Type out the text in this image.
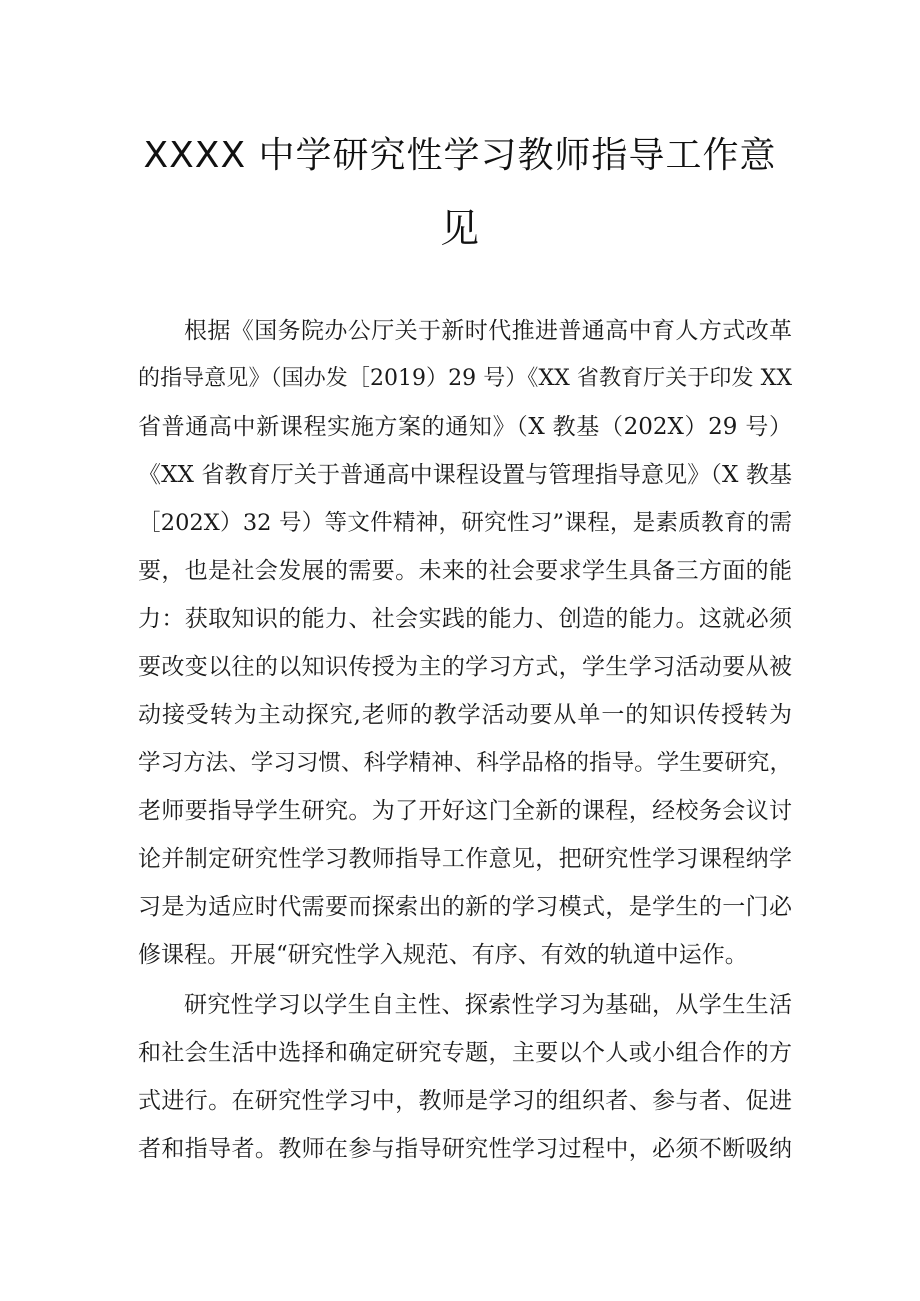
XXXX 中学研究性学习教师指导工作意
见

根据《国务院办公厅关于新时代推进普通高中育人方式改革

的指导意见》（国办发［2019）29 号）《XX 省教育厅关于印发 XX

省普通高中新课程实施方案的通知》（X 教基（202X）29 号）

《XX 省教育厅关于普通高中课程设置与管理指导意见》（X 教基

［202X）32 号）等文件精神，研究性习”课程，是素质教育的需

要，也是社会发展的需要。未来的社会要求学生具备三方面的能

力：获取知识的能力、社会实践的能力、创造的能力。这就必须

要改变以往的以知识传授为主的学习方式，学生学习活动要从被

动接受转为主动探究,老师的教学活动要从单一的知识传授转为

学习方法、学习习惯、科学精神、科学品格的指导。学生要研究，

老师要指导学生研究。为了开好这门全新的课程，经校务会议讨

论并制定研究性学习教师指导工作意见，把研究性学习课程纳学

习是为适应时代需要而探索出的新的学习模式，是学生的一门必

修课程。开展“研究性学入规范、有序、有效的轨道中运作。

研究性学习以学生自主性、探索性学习为基础，从学生生活

和社会生活中选择和确定研究专题，主要以个人或小组合作的方

式进行。在研究性学习中，教师是学习的组织者、参与者、促进

者和指导者。教师在参与指导研究性学习过程中，必须不断吸纳
